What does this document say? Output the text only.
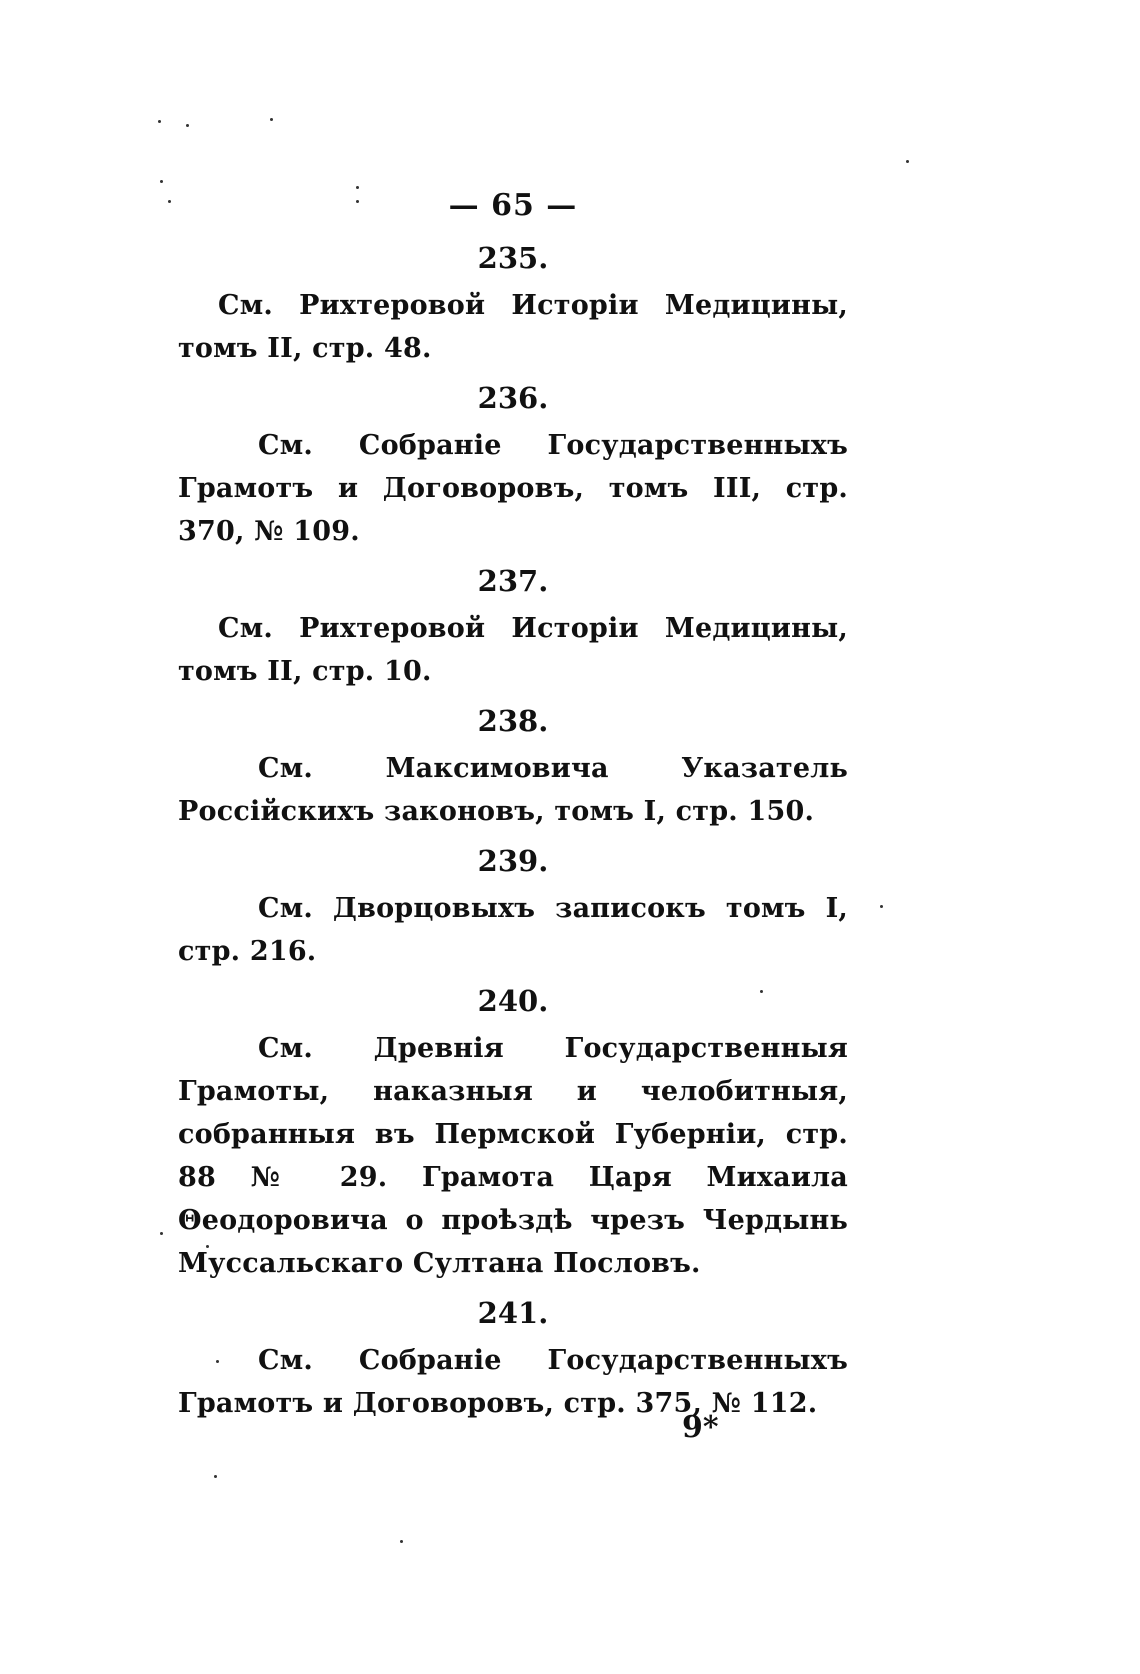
— 65 —
235.
См. Рихтеровой Исторіи Медицины, томъ II, стр. 48.
236.
См. Собраніе Государственныхъ Грамотъ и Договоровъ, томъ III, стр. 370, № 109.
237.
См. Рихтеровой Исторіи Медицины, томъ II, стр. 10.
238.
См. Максимовича Указатель Россійскихъ законовъ, томъ I, стр. 150.
239.
См. Дворцовыхъ записокъ томъ I, стр. 216.
240.
См. Древнія Государственныя Грамоты, наказныя и челобитныя, собранныя въ Пермской Губерніи, стр. 88 № 29. Грамота Царя Михаила Θеодоровича о проѣздѣ чрезъ Чердынь Муссальскаго Султана Пословъ.
241.
См. Собраніе Государственныхъ Грамотъ и Договоровъ, стр. 375, № 112.
9*
